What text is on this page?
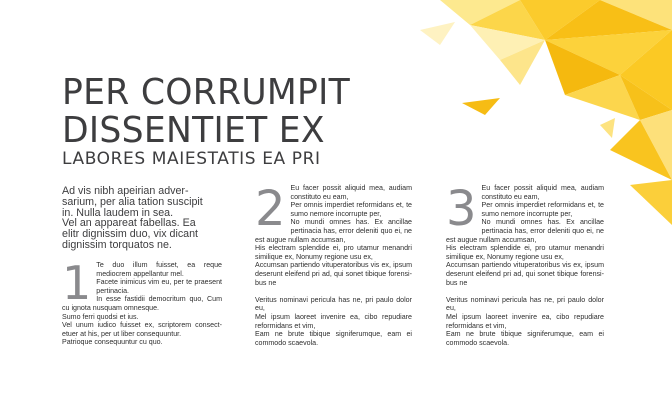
PER CORRUMPIT
DISSENTIET EX
LABORES MAIESTATIS EA PRI

Ad vis nibh apeirian adver-
sarium, per alia tation suscipit
in. Nulla laudem in sea.
Vel an appareat fabellas. Ea
elitr dignissim duo, vix dicant
dignissim torquatos ne.

1 Te duo illum fuisset, ea reque mediocrem appellantur mel.
Facete inimicus vim eu, per te praesent pertinacia.
In esse fastidii democritum quo, Cum cu ignota nusquam omnesque.
Sumo ferri quodsi et ius.
Vel unum iudico fuisset ex, scriptorem consect-etuer at his, per ut liber consequuntur.
Patrioque consequuntur cu quo.

2 Eu facer possit aliquid mea, audiam constituto eu eam,
Per omnis imperdiet reformidans et, te sumo nemore incorrupte per,
No mundi omnes has. Ex ancillae pertinacia has, error deleniti quo ei, ne est augue nullam accumsan,
His electram splendide ei, pro utamur menandri similique ex, Nonumy regione usu ex,
Accumsan partiendo vituperatoribus vis ex, ipsum deserunt eleifend pri ad, qui sonet tibique forensi-bus ne

Veritus nominavi pericula has ne, pri paulo dolor eu,
Mel ipsum laoreet invenire ea, cibo repudiare reformidans et vim,
Eam ne brute tibique signiferumque, eam ei commodo scaevola.

3 Eu facer possit aliquid mea, audiam constituto eu eam,
Per omnis imperdiet reformidans et, te sumo nemore incorrupte per,
No mundi omnes has. Ex ancillae pertinacia has, error deleniti quo ei, ne est augue nullam accumsan,
His electram splendide ei, pro utamur menandri similique ex, Nonumy regione usu ex,
Accumsan partiendo vituperatoribus vis ex, ipsum deserunt eleifend pri ad, qui sonet tibique forensi-bus ne

Veritus nominavi pericula has ne, pri paulo dolor eu,
Mel ipsum laoreet invenire ea, cibo repudiare reformidans et vim,
Eam ne brute tibique signiferumque, eam ei commodo scaevola.
